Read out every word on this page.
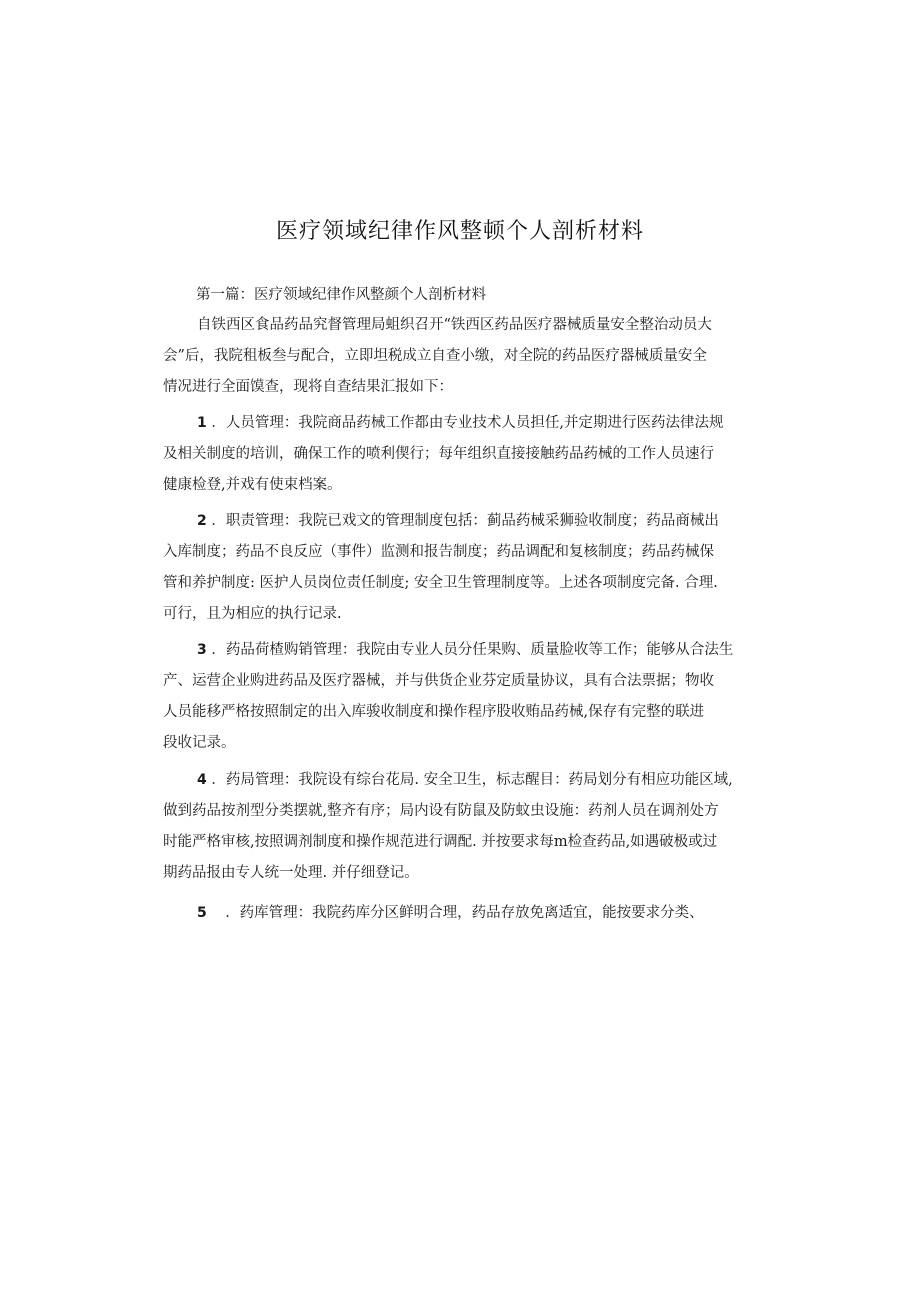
医疗领域纪律作风整顿个人剖析材料
第一篇：医疗领域纪律作风整颜个人剖析材料

自铁西区食品药品究督管理局蛆织召开“铁西区药品医疗器械质量安全整治动员大
会”后，我院租板叁与配合，立即坦税成立自查小缴，对全院的药品医疗器械质量安全
情况进行全面馍查，现将自查结果汇报如下：

1 ．人员管理：我院商品药械工作都由专业技术人员担任,并定期进行医药法律法规
及相关制度的培训，确保工作的喷利偰行；每年组织直接接触药品药械的工作人员速行
健康检登,并戏有使束档案。

2 ．职责管理：我院已戏文的管理制度包括：蓟品药械采狮验收制度；药品商械出
入库制度；药品不良反应（事件）监测和报告制度；药品调配和复核制度；药品药械保
管和养护制度: 医护人员岗位责任制度; 安全卫生管理制度等。上述各项制度完备. 合理.
可行，且为相应的执行记录.

3 ．药品荷楂购销管理：我院由专业人员分任果购、质量脸收等工作；能够从合法生
产、运营企业购进药品及医疗器械，并与供货企业芬定质量协议，具有合法票据；物收
人员能移严格按照制定的出入库骏收制度和操作程序股收贿品药械,保存有完整的联进
段收记录。

4 ．药局管理：我院设有综台花局. 安全卫生，标志醒目：药局划分有相应功能区域,
做到药品按剂型分类摆就,整齐有序；局内设有防鼠及防蚊虫设施：药剂人员在调剂处方
时能严格审核,按照调剂制度和操作规范进行调配. 并按要求每m检查药品,如遇破极或过
期药品报由专人统一处理. 并仔细登记。

5 ．药库管理：我院药库分区鲜明合理，药品存放免离适宜，能按要求分类、
